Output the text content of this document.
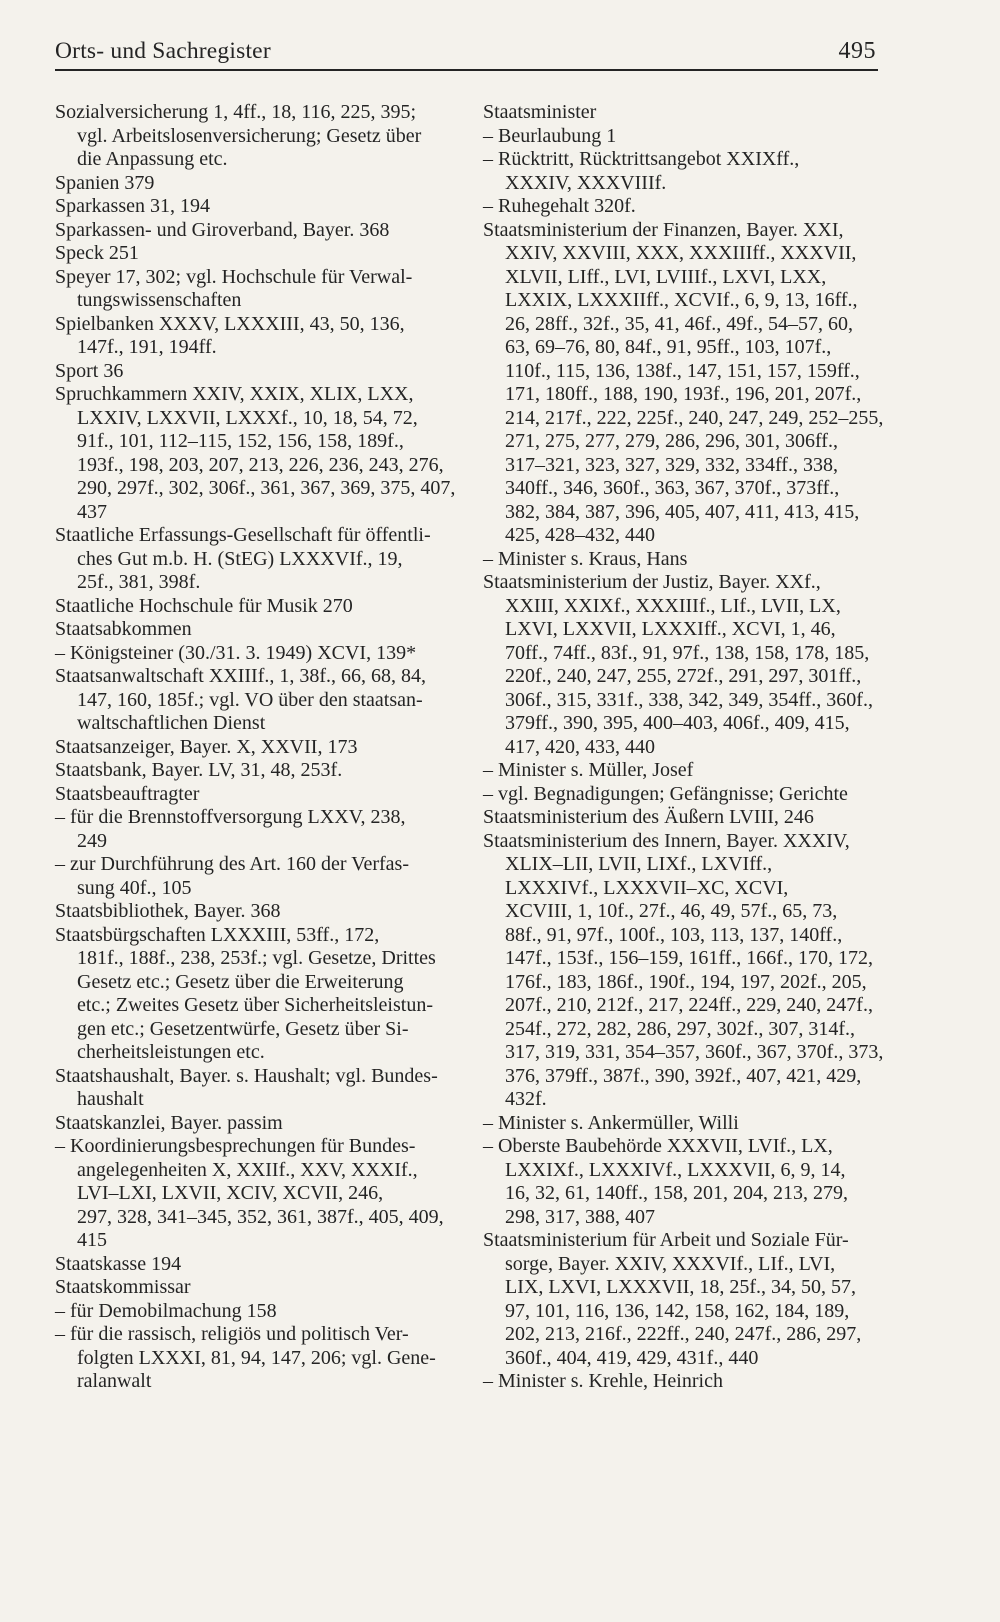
Orts- und Sachregister	495
Sozialversicherung 1, 4ff., 18, 116, 225, 395;
vgl. Arbeitslosenversicherung; Gesetz über
die Anpassung etc.
Spanien 379
Sparkassen 31, 194
Sparkassen- und Giroverband, Bayer. 368
Speck 251
Speyer 17, 302; vgl. Hochschule für Verwal-
tungswissenschaften
Spielbanken XXXV, LXXXIII, 43, 50, 136,
147f., 191, 194ff.
Sport 36
Spruchkammern XXIV, XXIX, XLIX, LXX,
LXXIV, LXXVII, LXXXf., 10, 18, 54, 72,
91f., 101, 112–115, 152, 156, 158, 189f.,
193f., 198, 203, 207, 213, 226, 236, 243, 276,
290, 297f., 302, 306f., 361, 367, 369, 375, 407,
437
Staatliche Erfassungs-Gesellschaft für öffentli-
ches Gut m.b. H. (StEG) LXXXVIf., 19,
25f., 381, 398f.
Staatliche Hochschule für Musik 270
Staatsabkommen
– Königsteiner (30./31. 3. 1949) XCVI, 139*
Staatsanwaltschaft XXIIIf., 1, 38f., 66, 68, 84,
147, 160, 185f.; vgl. VO über den staatsan-
waltschaftlichen Dienst
Staatsanzeiger, Bayer. X, XXVII, 173
Staatsbank, Bayer. LV, 31, 48, 253f.
Staatsbeauftragter
– für die Brennstoffversorgung LXXV, 238,
249
– zur Durchführung des Art. 160 der Verfas-
sung 40f., 105
Staatsbibliothek, Bayer. 368
Staatsbürgschaften LXXXIII, 53ff., 172,
181f., 188f., 238, 253f.; vgl. Gesetze, Drittes
Gesetz etc.; Gesetz über die Erweiterung
etc.; Zweites Gesetz über Sicherheitsleistun-
gen etc.; Gesetzentwürfe, Gesetz über Si-
cherheitsleistungen etc.
Staatshaushalt, Bayer. s. Haushalt; vgl. Bundes-
haushalt
Staatskanzlei, Bayer. passim
– Koordinierungsbesprechungen für Bundes-
angelegenheiten X, XXIIf., XXV, XXXIf.,
LVI–LXI, LXVII, XCIV, XCVII, 246,
297, 328, 341–345, 352, 361, 387f., 405, 409,
415
Staatskasse 194
Staatskommissar
– für Demobilmachung 158
– für die rassisch, religiös und politisch Ver-
folgten LXXXI, 81, 94, 147, 206; vgl. Gene-
ralanwalt
Staatsminister
– Beurlaubung 1
– Rücktritt, Rücktrittsangebot XXIXff.,
XXXIV, XXXVIIIf.
– Ruhegehalt 320f.
Staatsministerium der Finanzen, Bayer. XXI,
XXIV, XXVIII, XXX, XXXIIIff., XXXVII,
XLVII, LIff., LVI, LVIIIf., LXVI, LXX,
LXXIX, LXXXIIff., XCVIf., 6, 9, 13, 16ff.,
26, 28ff., 32f., 35, 41, 46f., 49f., 54–57, 60,
63, 69–76, 80, 84f., 91, 95ff., 103, 107f.,
110f., 115, 136, 138f., 147, 151, 157, 159ff.,
171, 180ff., 188, 190, 193f., 196, 201, 207f.,
214, 217f., 222, 225f., 240, 247, 249, 252–255,
271, 275, 277, 279, 286, 296, 301, 306ff.,
317–321, 323, 327, 329, 332, 334ff., 338,
340ff., 346, 360f., 363, 367, 370f., 373ff.,
382, 384, 387, 396, 405, 407, 411, 413, 415,
425, 428–432, 440
– Minister s. Kraus, Hans
Staatsministerium der Justiz, Bayer. XXf.,
XXIII, XXIXf., XXXIIIf., LIf., LVII, LX,
LXVI, LXXVII, LXXXIff., XCVI, 1, 46,
70ff., 74ff., 83f., 91, 97f., 138, 158, 178, 185,
220f., 240, 247, 255, 272f., 291, 297, 301ff.,
306f., 315, 331f., 338, 342, 349, 354ff., 360f.,
379ff., 390, 395, 400–403, 406f., 409, 415,
417, 420, 433, 440
– Minister s. Müller, Josef
– vgl. Begnadigungen; Gefängnisse; Gerichte
Staatsministerium des Äußern LVIII, 246
Staatsministerium des Innern, Bayer. XXXIV,
XLIX–LII, LVII, LIXf., LXVIff.,
LXXXIVf., LXXXVII–XC, XCVI,
XCVIII, 1, 10f., 27f., 46, 49, 57f., 65, 73,
88f., 91, 97f., 100f., 103, 113, 137, 140ff.,
147f., 153f., 156–159, 161ff., 166f., 170, 172,
176f., 183, 186f., 190f., 194, 197, 202f., 205,
207f., 210, 212f., 217, 224ff., 229, 240, 247f.,
254f., 272, 282, 286, 297, 302f., 307, 314f.,
317, 319, 331, 354–357, 360f., 367, 370f., 373,
376, 379ff., 387f., 390, 392f., 407, 421, 429,
432f.
– Minister s. Ankermüller, Willi
– Oberste Baubehörde XXXVII, LVIf., LX,
LXXIXf., LXXXIVf., LXXXVII, 6, 9, 14,
16, 32, 61, 140ff., 158, 201, 204, 213, 279,
298, 317, 388, 407
Staatsministerium für Arbeit und Soziale Für-
sorge, Bayer. XXIV, XXXVIf., LIf., LVI,
LIX, LXVI, LXXXVII, 18, 25f., 34, 50, 57,
97, 101, 116, 136, 142, 158, 162, 184, 189,
202, 213, 216f., 222ff., 240, 247f., 286, 297,
360f., 404, 419, 429, 431f., 440
– Minister s. Krehle, Heinrich
